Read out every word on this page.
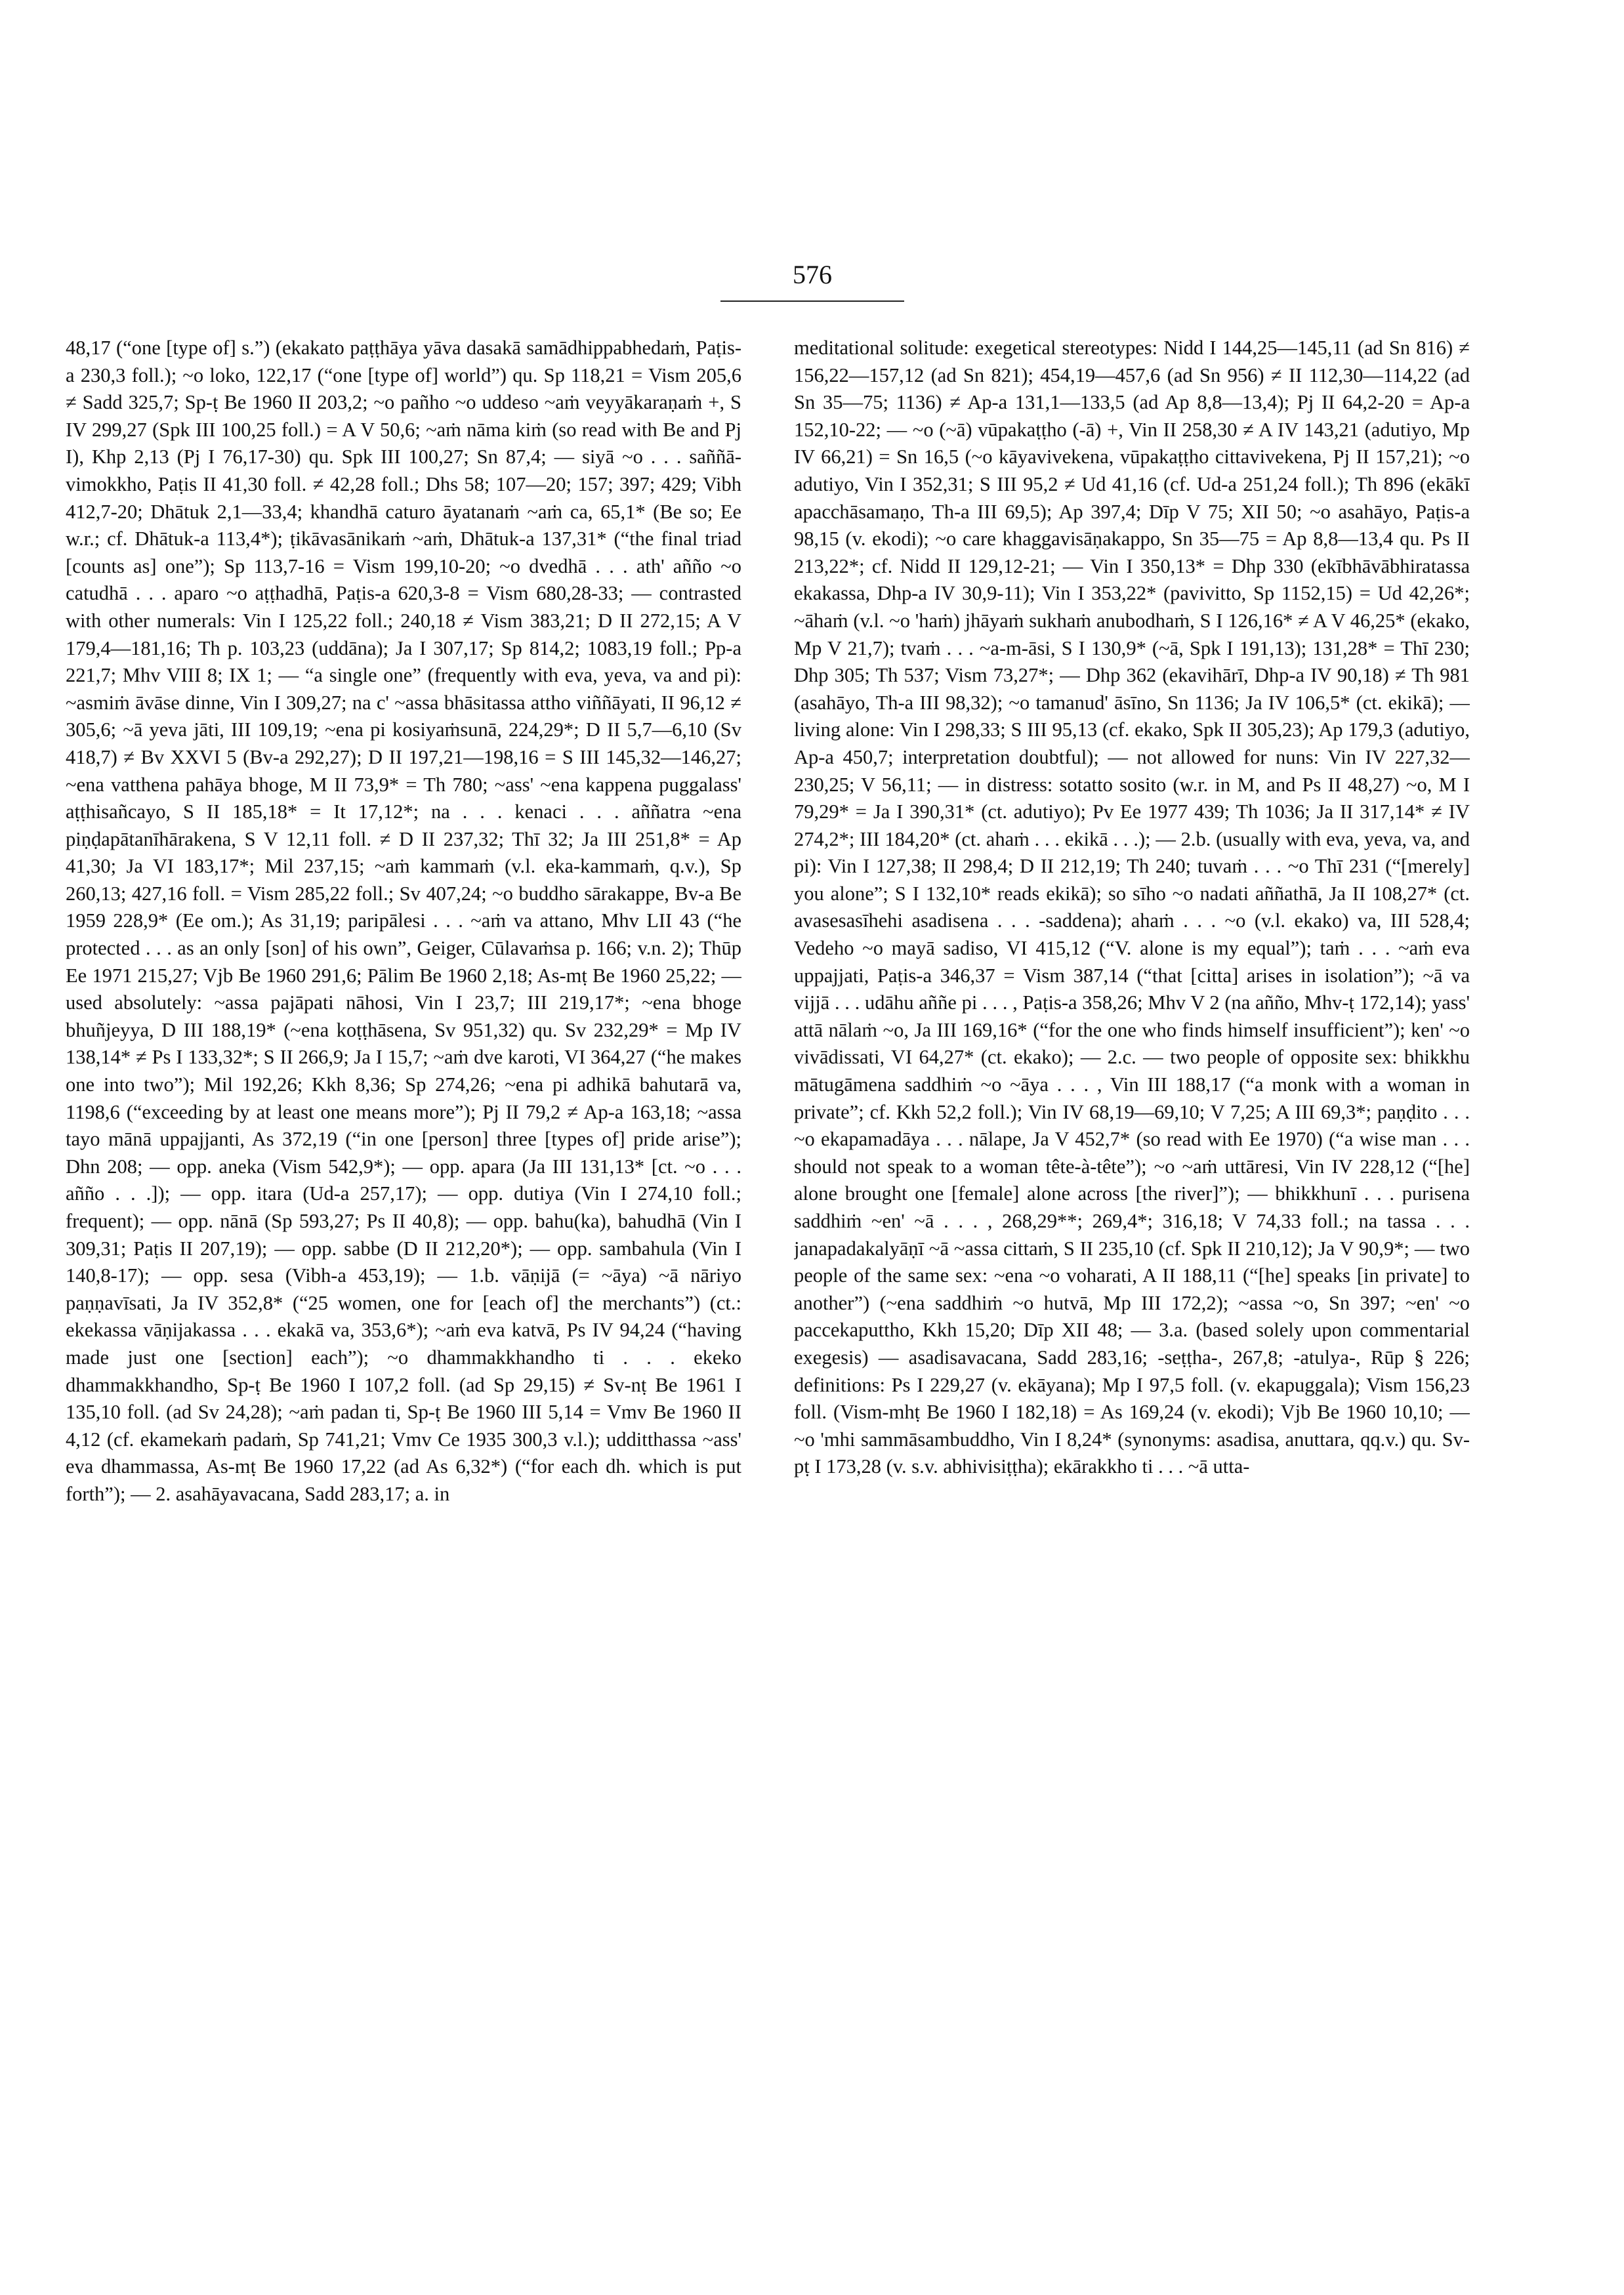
576

48,17 (“one [type of] s.”) (ekakato paṭṭhāya yāva dasakā samādhippabhedaṁ, Paṭis-a 230,3 foll.); ~o loko, 122,17 (“one [type of] world”) qu. Sp 118,21 = Vism 205,6 ≠ Sadd 325,7; Sp-ṭ Be 1960 II 203,2; ~o pañho ~o uddeso ~aṁ veyyākaraṇaṁ +, S IV 299,27 (Spk III 100,25 foll.) = A V 50,6; ~aṁ nāma kiṁ (so read with Be and Pj I), Khp 2,13 (Pj I 76,17-30) qu. Spk III 100,27; Sn 87,4; — siyā ~o . . . saññā-vimokkho, Paṭis II 41,30 foll. ≠ 42,28 foll.; Dhs 58; 107—20; 157; 397; 429; Vibh 412,7-20; Dhātuk 2,1—33,4; khandhā caturo āyatanaṁ ~aṁ ca, 65,1* (Be so; Ee w.r.; cf. Dhātuk-a 113,4*); ṭikāvasānikaṁ ~aṁ, Dhātuk-a 137,31* (“the final triad [counts as] one”); Sp 113,7-16 = Vism 199,10-20; ~o dvedhā . . . ath' añño ~o catudhā . . . aparo ~o aṭṭhadhā, Paṭis-a 620,3-8 = Vism 680,28-33; — contrasted with other numerals: Vin I 125,22 foll.; 240,18 ≠ Vism 383,21; D II 272,15; A V 179,4—181,16; Th p. 103,23 (uddāna); Ja I 307,17; Sp 814,2; 1083,19 foll.; Pp-a 221,7; Mhv VIII 8; IX 1; — “a single one” (frequently with eva, yeva, va and pi): ~asmiṁ āvāse dinne, Vin I 309,27; na c' ~assa bhāsitassa attho viññāyati, II 96,12 ≠ 305,6; ~ā yeva jāti, III 109,19; ~ena pi kosiyaṁsunā, 224,29*; D II 5,7—6,10 (Sv 418,7) ≠ Bv XXVI 5 (Bv-a 292,27); D II 197,21—198,16 = S III 145,32—146,27; ~ena vatthena pahāya bhoge, M II 73,9* = Th 780; ~ass' ~ena kappena puggalass' aṭṭhisañcayo, S II 185,18* = It 17,12*; na . . . kenaci . . . aññatra ~ena piṇḍapātanīhārakena, S V 12,11 foll. ≠ D II 237,32; Thī 32; Ja III 251,8* = Ap 41,30; Ja VI 183,17*; Mil 237,15; ~aṁ kammaṁ (v.l. eka-kammaṁ, q.v.), Sp 260,13; 427,16 foll. = Vism 285,22 foll.; Sv 407,24; ~o buddho sārakappe, Bv-a Be 1959 228,9* (Ee om.); As 31,19; paripālesi . . . ~aṁ va attano, Mhv LII 43 (“he protected . . . as an only [son] of his own”, Geiger, Cūlavaṁsa p. 166; v.n. 2); Thūp Ee 1971 215,27; Vjb Be 1960 291,6; Pālim Be 1960 2,18; As-mṭ Be 1960 25,22; — used absolutely: ~assa pajāpati nāhosi, Vin I 23,7; III 219,17*; ~ena bhoge bhuñjeyya, D III 188,19* (~ena koṭṭhāsena, Sv 951,32) qu. Sv 232,29* = Mp IV 138,14* ≠ Ps I 133,32*; S II 266,9; Ja I 15,7; ~aṁ dve karoti, VI 364,27 (“he makes one into two”); Mil 192,26; Kkh 8,36; Sp 274,26; ~ena pi adhikā bahutarā va, 1198,6 (“exceeding by at least one means more”); Pj II 79,2 ≠ Ap-a 163,18; ~assa tayo mānā uppajjanti, As 372,19 (“in one [person] three [types of] pride arise”); Dhn 208; — opp. aneka (Vism 542,9*); — opp. apara (Ja III 131,13* [ct. ~o . . . añño . . .]); — opp. itara (Ud-a 257,17); — opp. dutiya (Vin I 274,10 foll.; frequent); — opp. nānā (Sp 593,27; Ps II 40,8); — opp. bahu(ka), bahudhā (Vin I 309,31; Paṭis II 207,19); — opp. sabbe (D II 212,20*); — opp. sambahula (Vin I 140,8-17); — opp. sesa (Vibh-a 453,19); — 1.b. vāṇijā (= ~āya) ~ā nāriyo paṇṇavīsati, Ja IV 352,8* (“25 women, one for [each of] the merchants”) (ct.: ekekassa vāṇijakassa . . . ekakā va, 353,6*); ~aṁ eva katvā, Ps IV 94,24 (“having made just one [section] each”); ~o dhammakkhandho ti . . . ekeko dhammakkhandho, Sp-ṭ Be 1960 I 107,2 foll. (ad Sp 29,15) ≠ Sv-nṭ Be 1961 I 135,10 foll. (ad Sv 24,28); ~aṁ padan ti, Sp-ṭ Be 1960 III 5,14 = Vmv Be 1960 II 4,12 (cf. ekamekaṁ padaṁ, Sp 741,21; Vmv Ce 1935 300,3 v.l.); udditthassa ~ass' eva dhammassa, As-mṭ Be 1960 17,22 (ad As 6,32*) (“for each dh. which is put forth”); — 2. asahāyavacana, Sadd 283,17; a. in

meditational solitude: exegetical stereotypes: Nidd I 144,25—145,11 (ad Sn 816) ≠ 156,22—157,12 (ad Sn 821); 454,19—457,6 (ad Sn 956) ≠ II 112,30—114,22 (ad Sn 35—75; 1136) ≠ Ap-a 131,1—133,5 (ad Ap 8,8—13,4); Pj II 64,2-20 = Ap-a 152,10-22; — ~o (~ā) vūpakaṭṭho (-ā) +, Vin II 258,30 ≠ A IV 143,21 (adutiyo, Mp IV 66,21) = Sn 16,5 (~o kāyavivekena, vūpakaṭṭho cittavivekena, Pj II 157,21); ~o adutiyo, Vin I 352,31; S III 95,2 ≠ Ud 41,16 (cf. Ud-a 251,24 foll.); Th 896 (ekākī apacchāsamaṇo, Th-a III 69,5); Ap 397,4; Dīp V 75; XII 50; ~o asahāyo, Paṭis-a 98,15 (v. ekodi); ~o care khaggavisāṇakappo, Sn 35—75 = Ap 8,8—13,4 qu. Ps II 213,22*; cf. Nidd II 129,12-21; — Vin I 350,13* = Dhp 330 (ekībhāvābhiratassa ekakassa, Dhp-a IV 30,9-11); Vin I 353,22* (pavivitto, Sp 1152,15) = Ud 42,26*; ~āhaṁ (v.l. ~o 'haṁ) jhāyaṁ sukhaṁ anubodhaṁ, S I 126,16* ≠ A V 46,25* (ekako, Mp V 21,7); tvaṁ . . . ~a-m-āsi, S I 130,9* (~ā, Spk I 191,13); 131,28* = Thī 230; Dhp 305; Th 537; Vism 73,27*; — Dhp 362 (ekavihārī, Dhp-a IV 90,18) ≠ Th 981 (asahāyo, Th-a III 98,32); ~o tamanud' āsīno, Sn 1136; Ja IV 106,5* (ct. ekikā); — living alone: Vin I 298,33; S III 95,13 (cf. ekako, Spk II 305,23); Ap 179,3 (adutiyo, Ap-a 450,7; interpretation doubtful); — not allowed for nuns: Vin IV 227,32—230,25; V 56,11; — in distress: sotatto sosito (w.r. in M, and Ps II 48,27) ~o, M I 79,29* = Ja I 390,31* (ct. adutiyo); Pv Ee 1977 439; Th 1036; Ja II 317,14* ≠ IV 274,2*; III 184,20* (ct. ahaṁ . . . ekikā . . .); — 2.b. (usually with eva, yeva, va, and pi): Vin I 127,38; II 298,4; D II 212,19; Th 240; tuvaṁ . . . ~o Thī 231 (“[merely] you alone”; S I 132,10* reads ekikā); so sīho ~o nadati aññathā, Ja II 108,27* (ct. avasesasīhehi asadisena . . . -saddena); ahaṁ . . . ~o (v.l. ekako) va, III 528,4; Vedeho ~o mayā sadiso, VI 415,12 (“V. alone is my equal”); taṁ . . . ~aṁ eva uppajjati, Paṭis-a 346,37 = Vism 387,14 (“that [citta] arises in isolation”); ~ā va vijjā . . . udāhu aññe pi . . . , Paṭis-a 358,26; Mhv V 2 (na añño, Mhv-ṭ 172,14); yass' attā nālaṁ ~o, Ja III 169,16* (“for the one who finds himself insufficient”); ken' ~o vivādissati, VI 64,27* (ct. ekako); — 2.c. — two people of opposite sex: bhikkhu mātugāmena saddhiṁ ~o ~āya . . . , Vin III 188,17 (“a monk with a woman in private”; cf. Kkh 52,2 foll.); Vin IV 68,19—69,10; V 7,25; A III 69,3*; paṇḍito . . . ~o ekapamadāya . . . nālape, Ja V 452,7* (so read with Ee 1970) (“a wise man . . . should not speak to a woman tête-à-tête”); ~o ~aṁ uttāresi, Vin IV 228,12 (“[he] alone brought one [female] alone across [the river]”); — bhikkhunī . . . purisena saddhiṁ ~en' ~ā . . . , 268,29**; 269,4*; 316,18; V 74,33 foll.; na tassa . . . janapadakalyāṇī ~ā ~assa cittaṁ, S II 235,10 (cf. Spk II 210,12); Ja V 90,9*; — two people of the same sex: ~ena ~o voharati, A II 188,11 (“[he] speaks [in private] to another”) (~ena saddhiṁ ~o hutvā, Mp III 172,2); ~assa ~o, Sn 397; ~en' ~o paccekaputtho, Kkh 15,20; Dīp XII 48; — 3.a. (based solely upon commentarial exegesis) — asadisavacana, Sadd 283,16; -seṭṭha-, 267,8; -atulya-, Rūp § 226; definitions: Ps I 229,27 (v. ekāyana); Mp I 97,5 foll. (v. ekapuggala); Vism 156,23 foll. (Vism-mhṭ Be 1960 I 182,18) = As 169,24 (v. ekodi); Vjb Be 1960 10,10; — ~o 'mhi sammāsambuddho, Vin I 8,24* (synonyms: asadisa, anuttara, qq.v.) qu. Sv-pṭ I 173,28 (v. s.v. abhivisiṭṭha); ekārakkho ti . . . ~ā utta-
